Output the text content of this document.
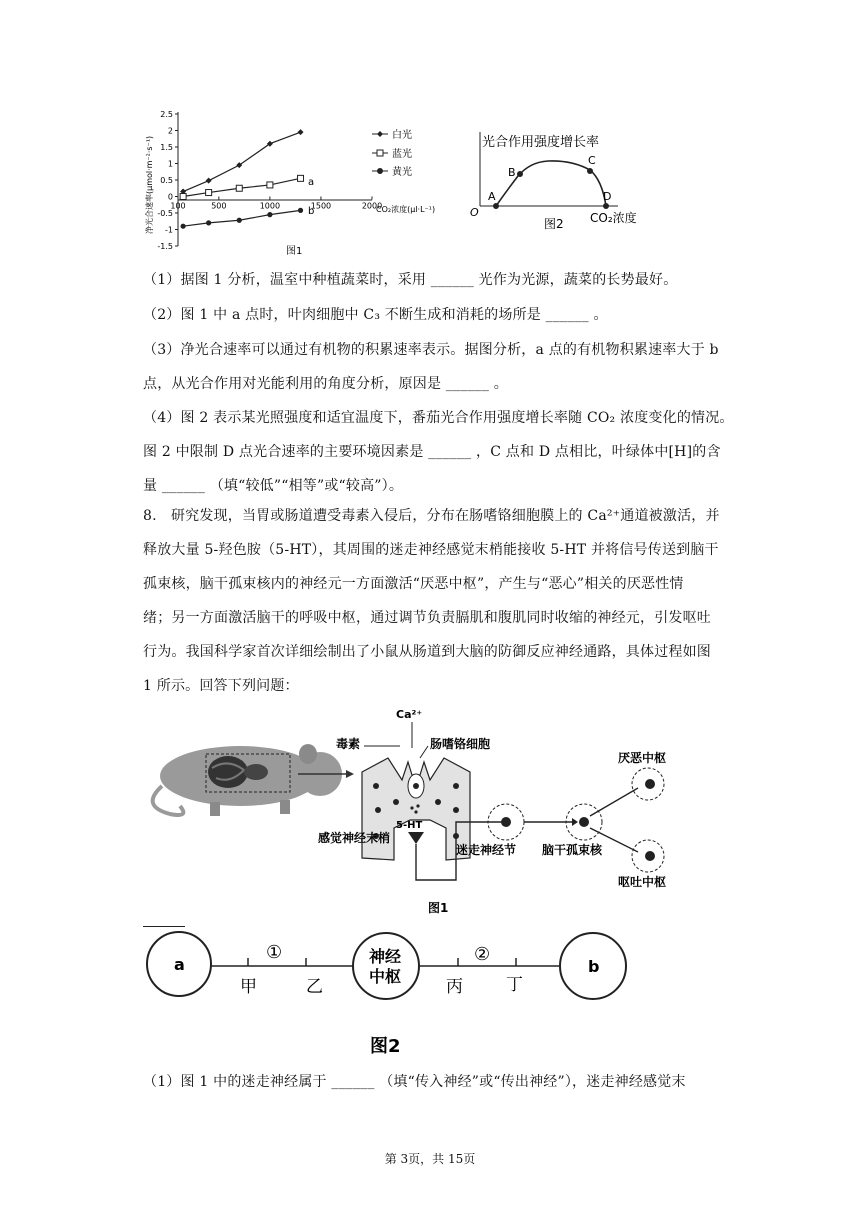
2.5
2
1.5
1
0.5
0
-0.5
-1
-1.5
100	500	1000	1500	2000
净光合速率(μmol·m⁻²·s⁻¹)	CO₂浓度(μl·L⁻¹)
白光
蓝光
黄光
a
b
图1
光合作用强度增长率
O
A
B
C
D
CO₂浓度
图2
（1）据图 1 分析，温室中种植蔬菜时，采用 ______ 光作为光源，蔬菜的长势最好。
（2）图 1 中 a 点时，叶肉细胞中 C₃ 不断生成和消耗的场所是 ______ 。
（3）净光合速率可以通过有机物的积累速率表示。据图分析，a 点的有机物积累速率大于 b
点，从光合作用对光能利用的角度分析，原因是 ______ 。
（4）图 2 表示某光照强度和适宜温度下，番茄光合作用强度增长率随 CO₂ 浓度变化的情况。
图 2 中限制 D 点光合速率的主要环境因素是 ______ ，C 点和 D 点相比，叶绿体中[H]的含
量 ______ （填“较低”“相等”或“较高”）。
8.　研究发现，当胃或肠道遭受毒素入侵后，分布在肠嗜铬细胞膜上的 Ca²⁺通道被激活，并
释放大量 5-羟色胺（5-HT），其周围的迷走神经感觉末梢能接收 5-HT 并将信号传送到脑干
孤束核，脑干孤束核内的神经元一方面激活“厌恶中枢”，产生与“恶心”相关的厌恶性情
绪；另一方面激活脑干的呼吸中枢，通过调节负责膈肌和腹肌同时收缩的神经元，引发呕吐
行为。我国科学家首次详细绘制出了小鼠从肠道到大脑的防御反应神经通路，具体过程如图
1 所示。回答下列问题：
Ca²⁺
毒素	肠嗜铬细胞
5-HT
感觉神经末梢
迷走神经节 脑干孤束核
厌恶中枢
呕吐中枢
图1
a
①
甲	乙
神经
中枢
②
丙	丁
b
图2
（1）图 1 中的迷走神经属于 ______ （填“传入神经”或“传出神经”），迷走神经感觉末
第 3页，共 15页
